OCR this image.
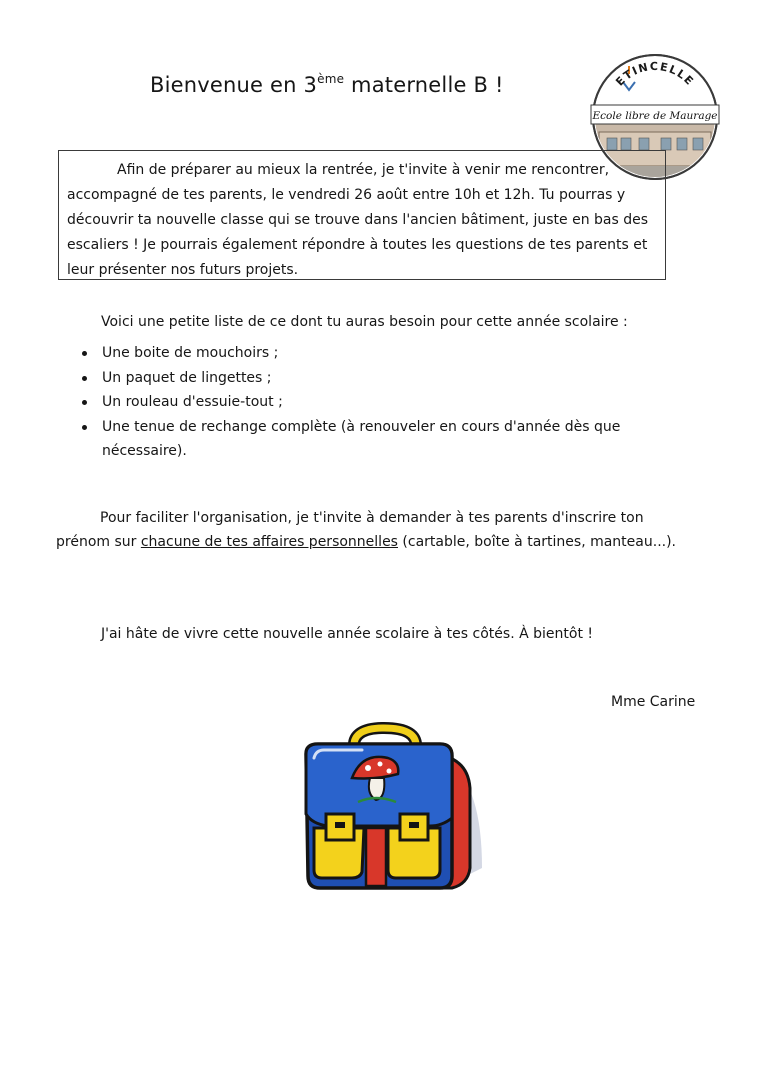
Bienvenue en 3ème maternelle B !	ETINCELLE
Ecole libre de Maurage

Afin de préparer au mieux la rentrée, je t'invite à venir me rencontrer, accompagné de tes parents, le vendredi 26 août entre 10h et 12h. Tu pourras y découvrir ta nouvelle classe qui se trouve dans l'ancien bâtiment, juste en bas des escaliers ! Je pourrais également répondre à toutes les questions de tes parents et leur présenter nos futurs projets.

Voici une petite liste de ce dont tu auras besoin pour cette année scolaire :
Une boite de mouchoirs ;
Un paquet de lingettes ;
Un rouleau d'essuie-tout ;
Une tenue de rechange complète (à renouveler en cours d'année dès que nécessaire).

Pour faciliter l'organisation, je t'invite à demander à tes parents d'inscrire ton prénom sur chacune de tes affaires personnelles (cartable, boîte à tartines, manteau...).

J'ai hâte de vivre cette nouvelle année scolaire à tes côtés. À bientôt !
Mme Carine
